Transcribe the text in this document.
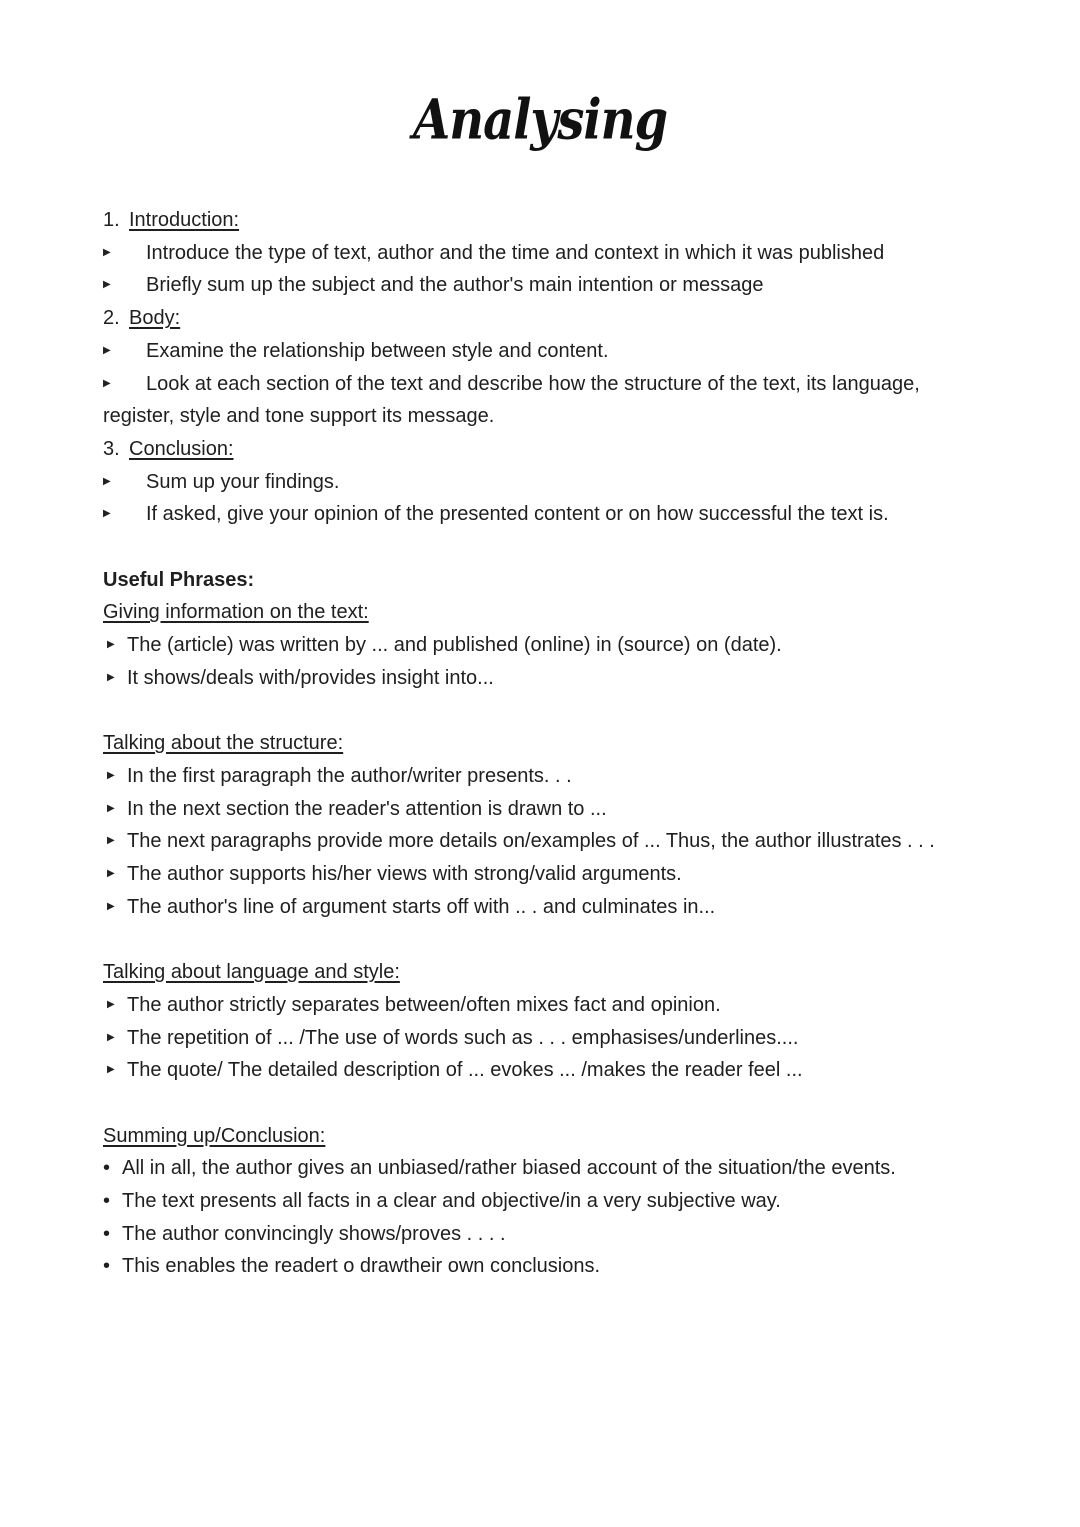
Analysing
1. Introduction:
▶	Introduce the type of text, author and the time and context in which it was published
▶	Briefly sum up the subject and the author's main intention or message
2. Body:
▶	Examine the relationship between style and content.
▶	Look at each section of the text and describe how the structure of the text, its language,
register, style and tone support its message.
3. Conclusion:
▶	Sum up your findings.
▶	If asked, give your opinion of the presented content or on how successful the text is.
Useful Phrases:
Giving information on the text:
▶ The (article) was written by ... and published (online) in (source) on (date).
▶ It shows/deals with/provides insight into...
Talking about the structure:
▶ In the first paragraph the author/writer presents. . .
▶ In the next section the reader's attention is drawn to ...
▶ The next paragraphs provide more details on/examples of ... Thus, the author illustrates . . .
▶ The author supports his/her views with strong/valid arguments.
▶ The author's line of argument starts off with .. . and culminates in...
Talking about language and style:
▶ The author strictly separates between/often mixes fact and opinion.
▶ The repetition of ... /The use of words such as . . . emphasises/underlines....
▶ The quote/ The detailed description of ... evokes ... /makes the reader feel ...
Summing up/Conclusion:
• All in all, the author gives an unbiased/rather biased account of the situation/the events.
• The text presents all facts in a clear and objective/in a very subjective way.
• The author convincingly shows/proves . . . .
• This enables the readert o drawtheir own conclusions.
